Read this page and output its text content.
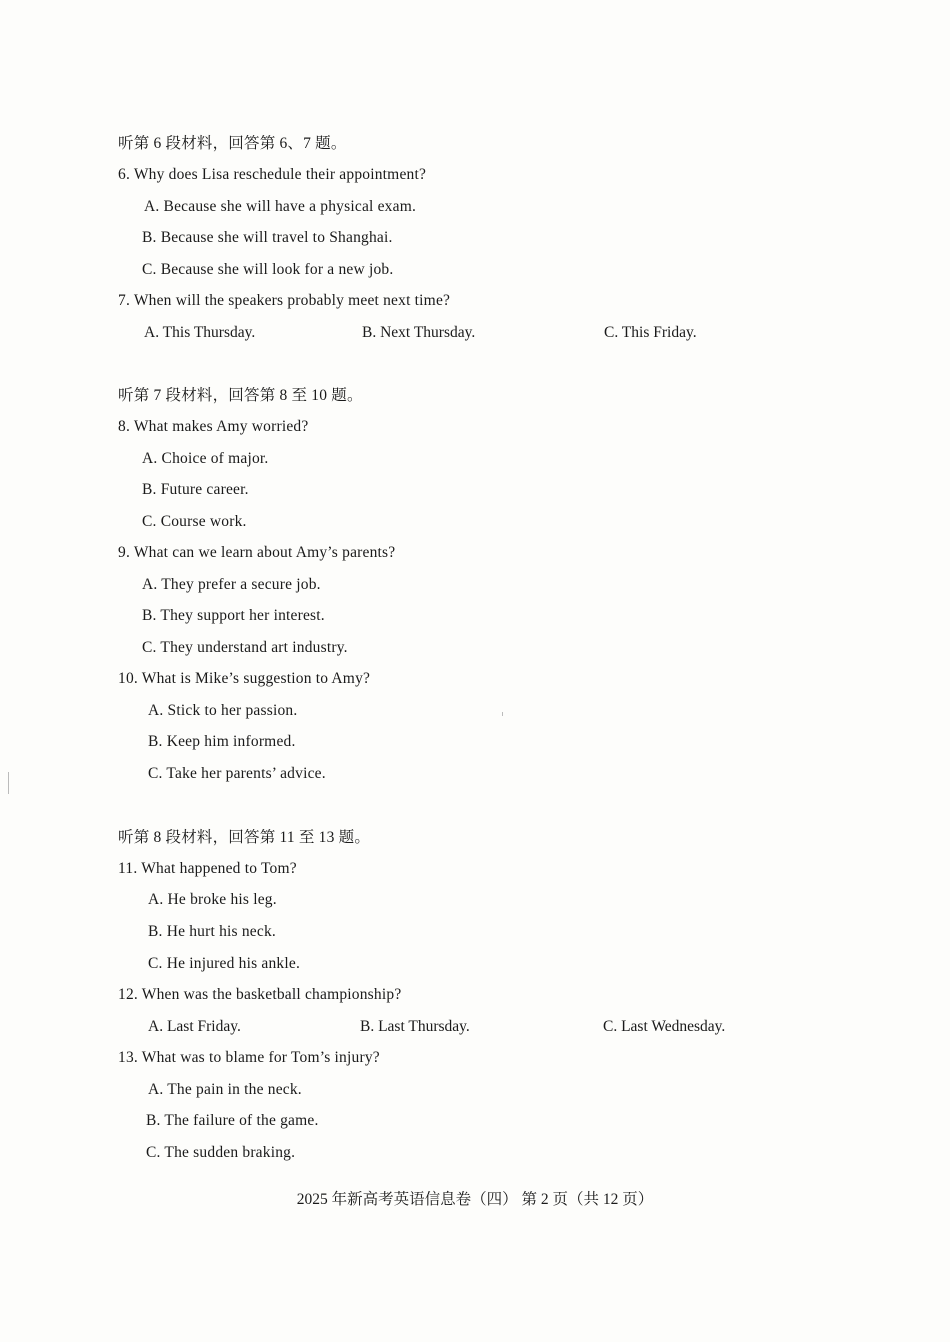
听第 6 段材料，回答第 6、7 题。
6. Why does Lisa reschedule their appointment?
A. Because she will have a physical exam.
B. Because she will travel to Shanghai.
C. Because she will look for a new job.
7. When will the speakers probably meet next time?
A. This Thursday.	B. Next Thursday.	C. This Friday.
听第 7 段材料，回答第 8 至 10 题。
8. What makes Amy worried?
A. Choice of major.
B. Future career.
C. Course work.
9. What can we learn about Amy’s parents?
A. They prefer a secure job.
B. They support her interest.
C. They understand art industry.
10. What is Mike’s suggestion to Amy?
A. Stick to her passion.
B. Keep him informed.
C. Take her parents’ advice.
听第 8 段材料，回答第 11 至 13 题。
11. What happened to Tom?
A. He broke his leg.
B. He hurt his neck.
C. He injured his ankle.
12. When was the basketball championship?
A. Last Friday.	B. Last Thursday.	C. Last Wednesday.
13. What was to blame for Tom’s injury?
A. The pain in the neck.
B. The failure of the game.
C. The sudden braking.
2025 年新高考英语信息卷（四） 第 2 页（共 12 页）
